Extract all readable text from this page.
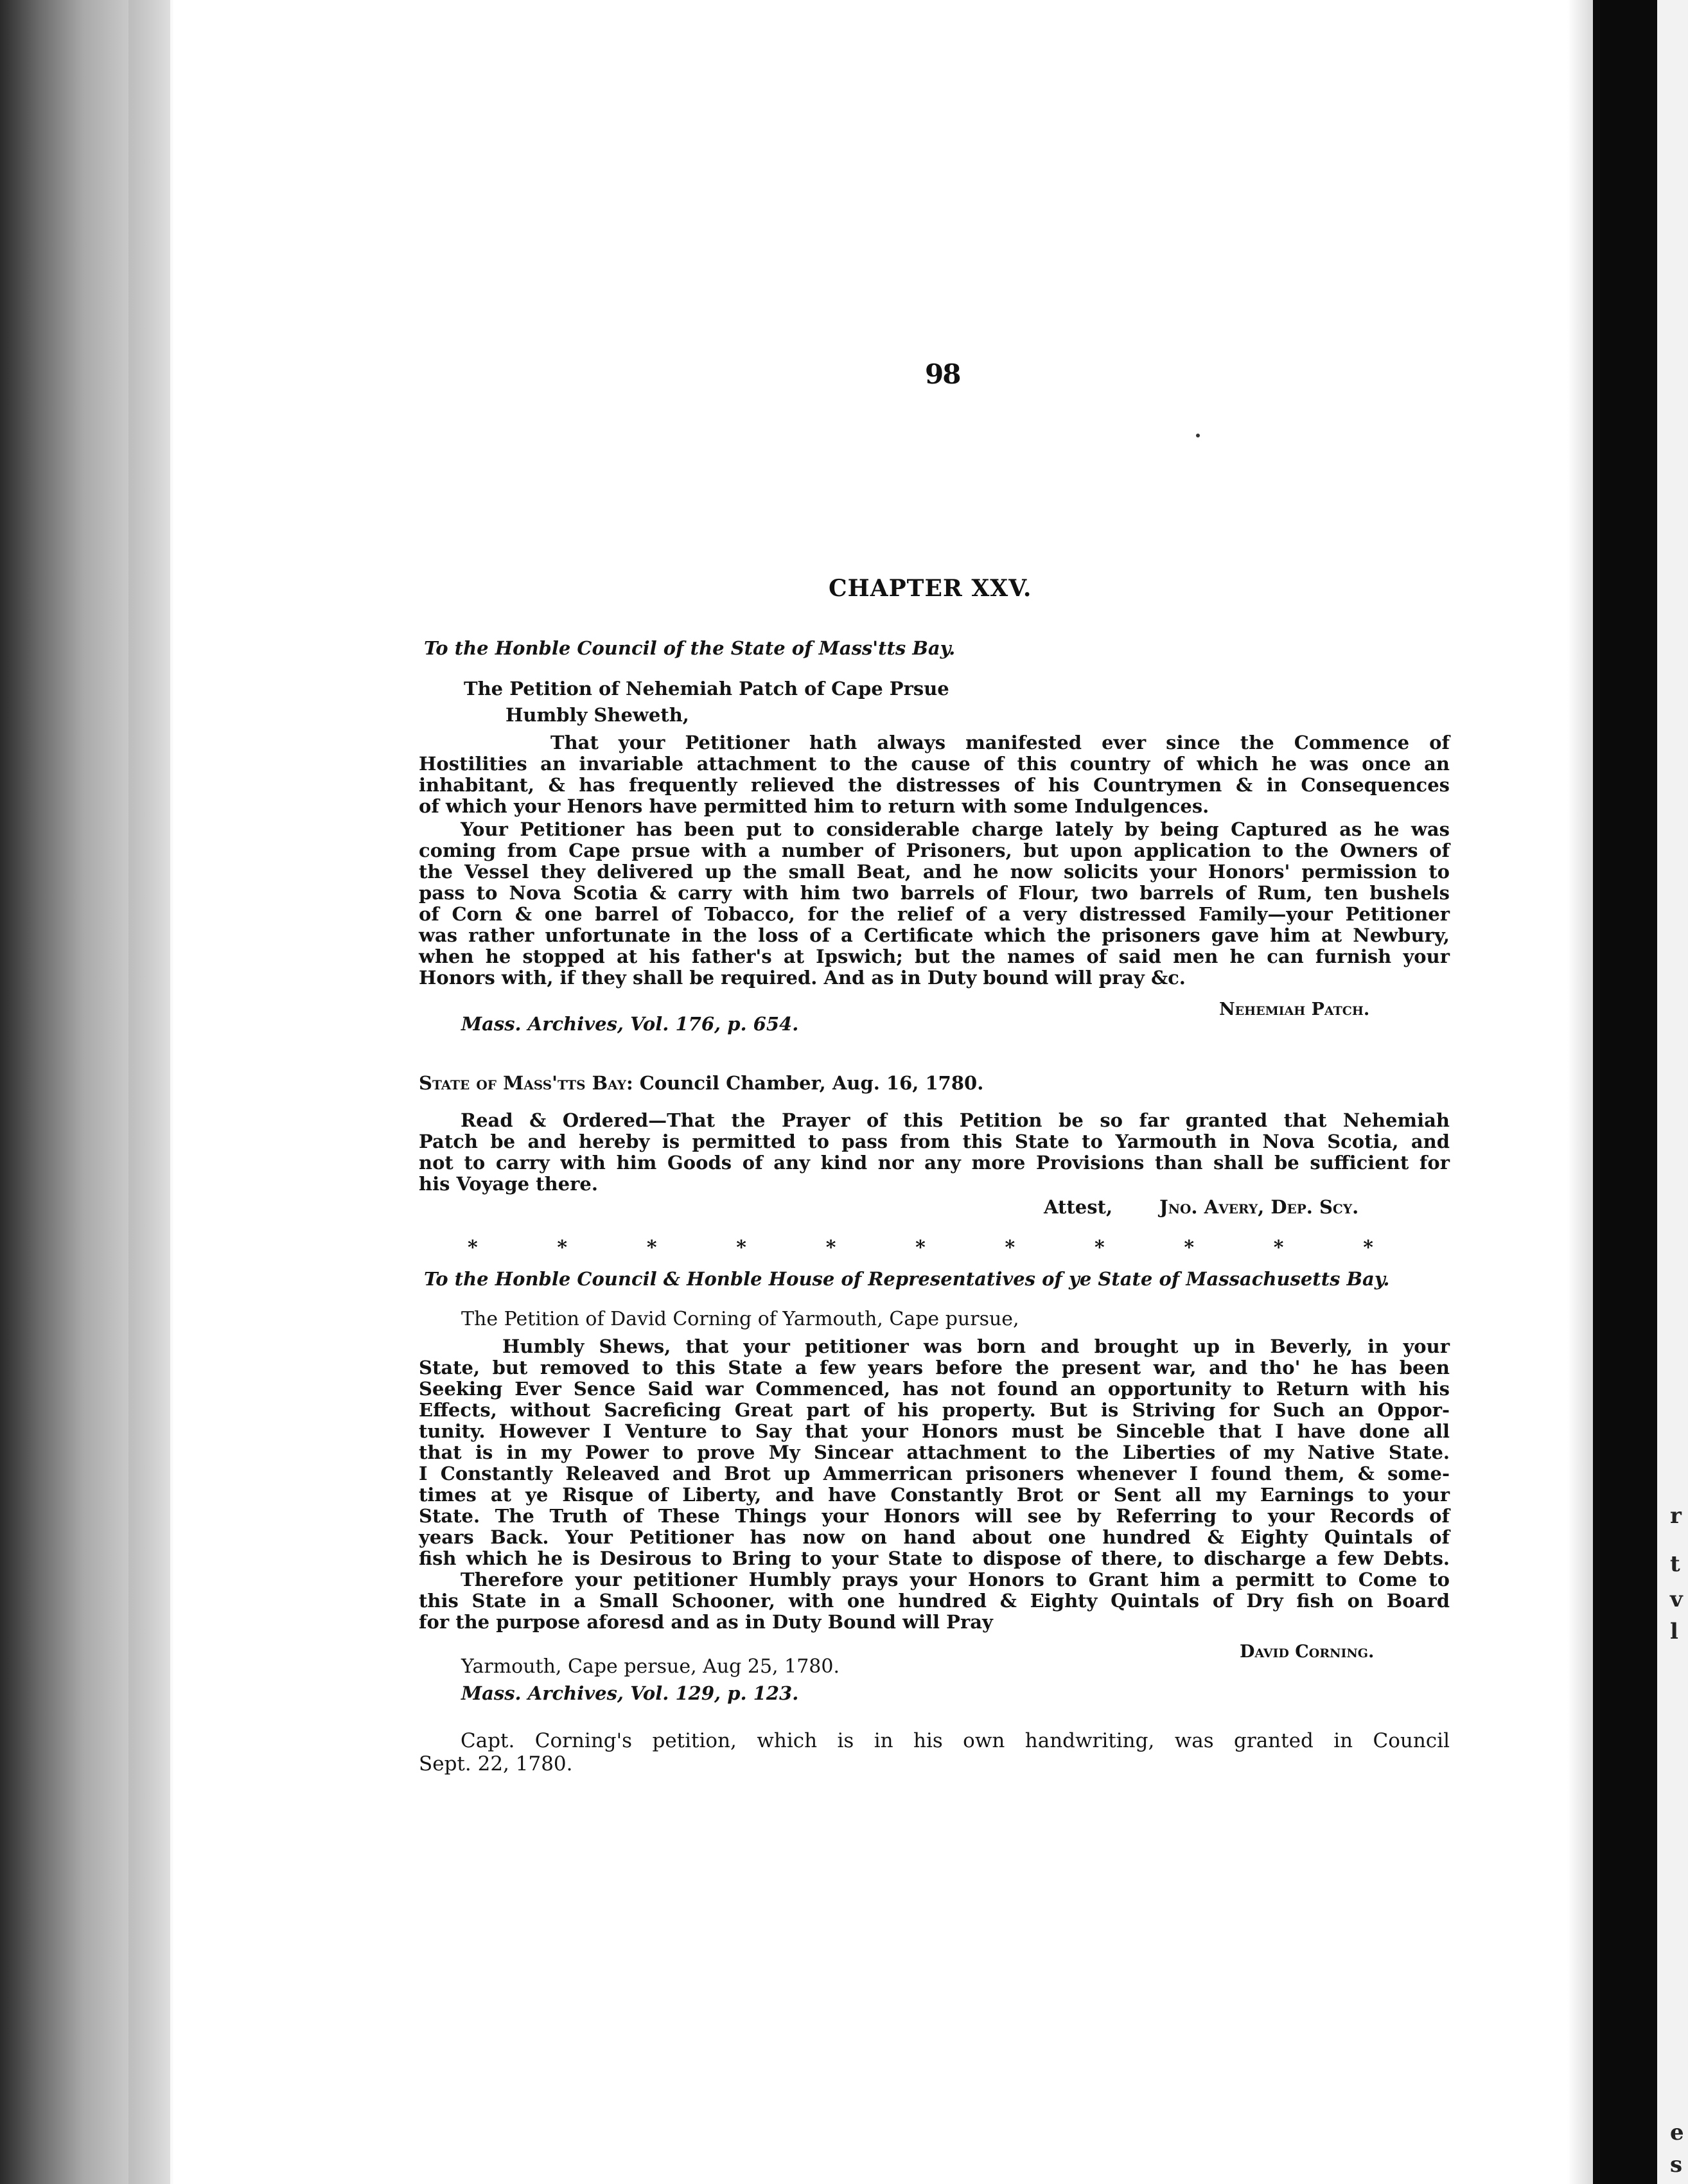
r
t
v
l
e
s
98
CHAPTER XXV.
To the Honble Council of the State of Mass'tts Bay.
The Petition of Nehemiah Patch of Cape Prsue
Humbly Sheweth,
That your Petitioner hath always manifested ever since the Commence of
Hostilities an invariable attachment to the cause of this country of which he was once an
inhabitant, & has frequently relieved the distresses of his Countrymen & in Consequences
of which your Henors have permitted him to return with some Indulgences.
Your Petitioner has been put to considerable charge lately by being Captured as he was
coming from Cape prsue with a number of Prisoners, but upon application to the Owners of
the Vessel they delivered up the small Beat, and he now solicits your Honors' permission to
pass to Nova Scotia & carry with him two barrels of Flour, two barrels of Rum, ten bushels
of Corn & one barrel of Tobacco, for the relief of a very distressed Family—your Petitioner
was rather unfortunate in the loss of a Certificate which the prisoners gave him at Newbury,
when he stopped at his father's at Ipswich; but the names of said men he can furnish your
Honors with, if they shall be required. And as in Duty bound will pray &c.
Nehemiah Patch.
Mass. Archives, Vol. 176, p. 654.
State of Mass'tts Bay: Council Chamber, Aug. 16, 1780.
Read & Ordered—That the Prayer of this Petition be so far granted that Nehemiah
Patch be and hereby is permitted to pass from this State to Yarmouth in Nova Scotia, and
not to carry with him Goods of any kind nor any more Provisions than shall be sufficient for
his Voyage there.
Attest,	Jno. Avery, Dep. Scy.
*	*	*	*	*	*	*	*	*	*	*
To the Honble Council & Honble House of Representatives of ye State of Massachusetts Bay.
The Petition of David Corning of Yarmouth, Cape pursue,
Humbly Shews, that your petitioner was born and brought up in Beverly, in your
State, but removed to this State a few years before the present war, and tho' he has been
Seeking Ever Sence Said war Commenced, has not found an opportunity to Return with his
Effects, without Sacreficing Great part of his property. But is Striving for Such an Oppor-
tunity. However I Venture to Say that your Honors must be Sinceble that I have done all
that is in my Power to prove My Sincear attachment to the Liberties of my Native State.
I Constantly Releaved and Brot up Ammerrican prisoners whenever I found them, & some-
times at ye Risque of Liberty, and have Constantly Brot or Sent all my Earnings to your
State. The Truth of These Things your Honors will see by Referring to your Records of
years Back. Your Petitioner has now on hand about one hundred & Eighty Quintals of
fish which he is Desirous to Bring to your State to dispose of there, to discharge a few Debts.
Therefore your petitioner Humbly prays your Honors to Grant him a permitt to Come to
this State in a Small Schooner, with one hundred & Eighty Quintals of Dry fish on Board
for the purpose aforesd and as in Duty Bound will Pray
David Corning.
Yarmouth, Cape persue, Aug 25, 1780.
Mass. Archives, Vol. 129, p. 123.
Capt. Corning's petition, which is in his own handwriting, was granted in Council
Sept. 22, 1780.
